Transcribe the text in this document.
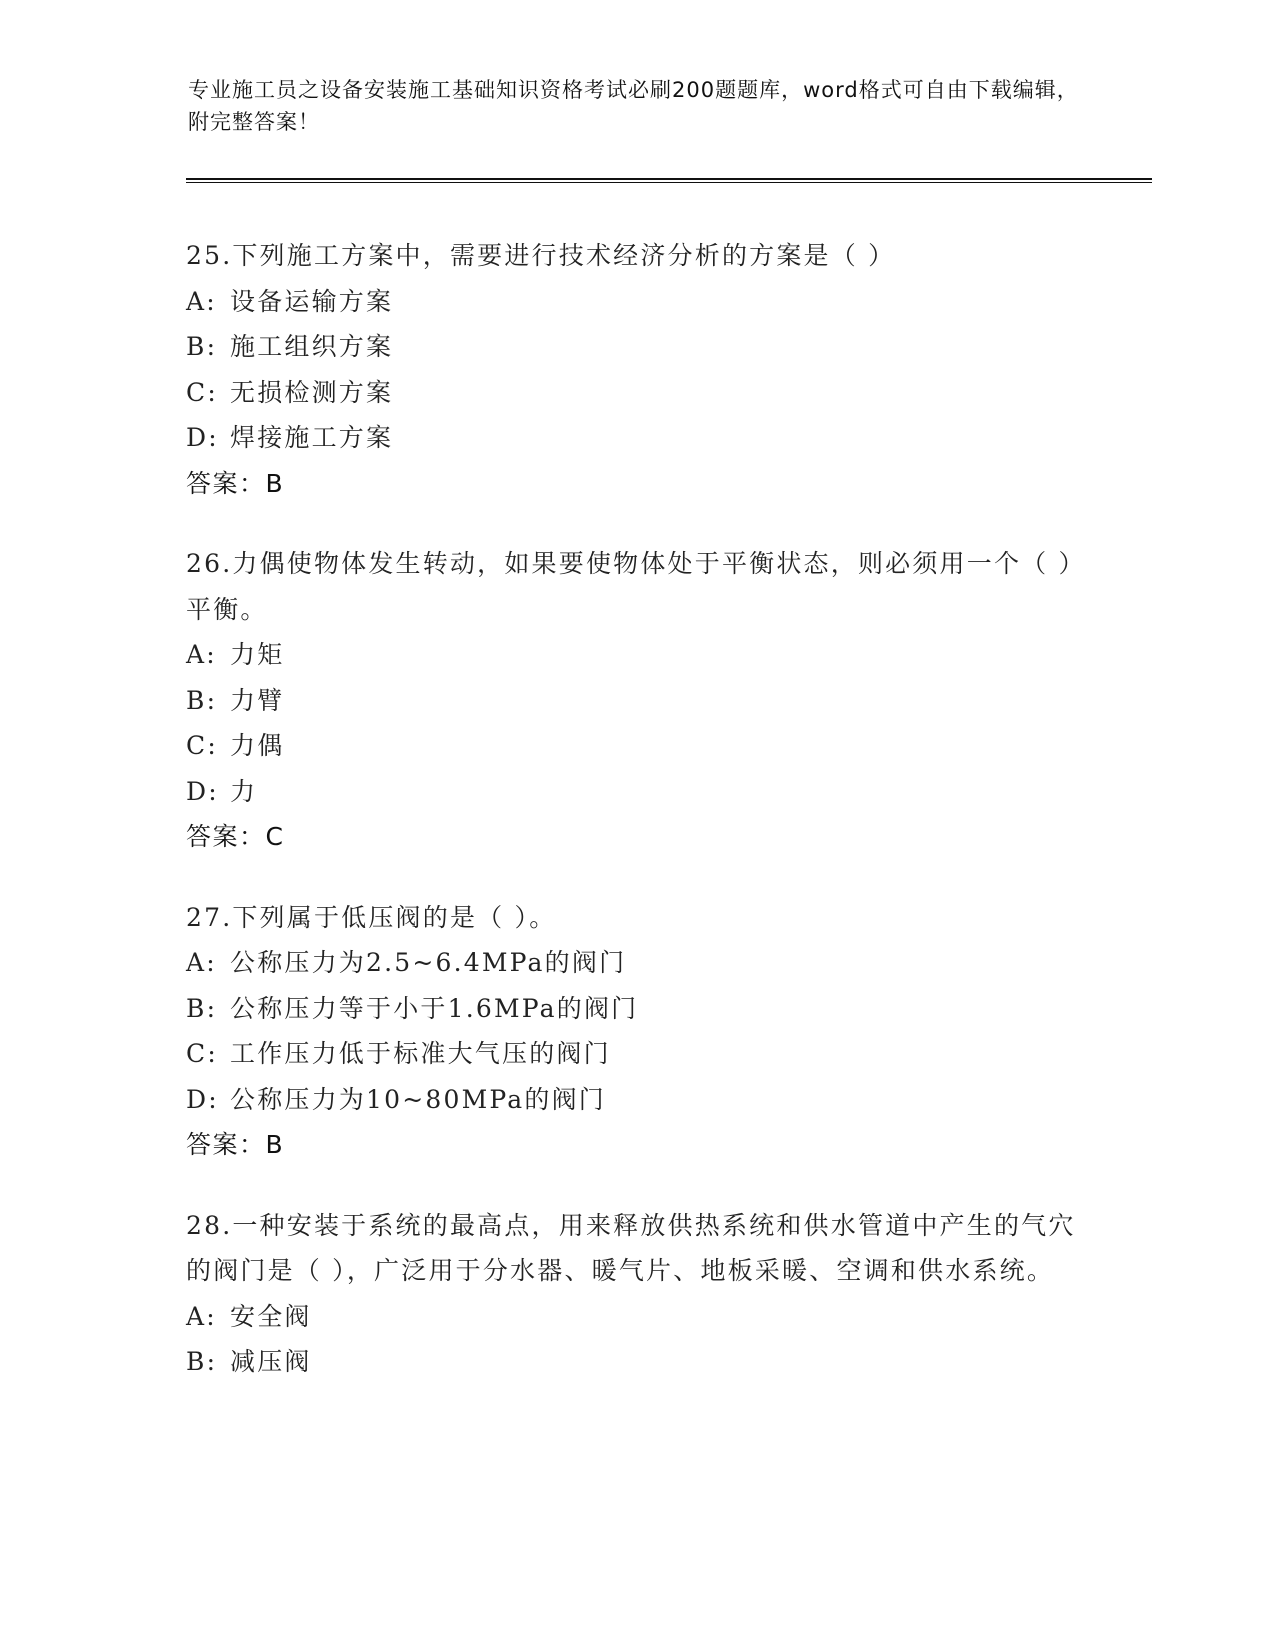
专业施工员之设备安装施工基础知识资格考试必刷200题题库，word格式可自由下载编辑，附完整答案！

25.下列施工方案中，需要进行技术经济分析的方案是（ ）

A: 设备运输方案

B: 施工组织方案

C: 无损检测方案

D: 焊接施工方案

答案：B

26.力偶使物体发生转动，如果要使物体处于平衡状态，则必须用一个（ ）平衡。

A: 力矩

B: 力臂

C: 力偶

D: 力

答案：C

27.下列属于低压阀的是（ ）。

A: 公称压力为2.5~6.4MPa的阀门

B: 公称压力等于小于1.6MPa的阀门

C: 工作压力低于标准大气压的阀门

D: 公称压力为10~80MPa的阀门

答案：B

28.一种安装于系统的最高点，用来释放供热系统和供水管道中产生的气穴的阀门是（ ），广泛用于分水器、暖气片、地板采暖、空调和供水系统。

A: 安全阀

B: 减压阀
